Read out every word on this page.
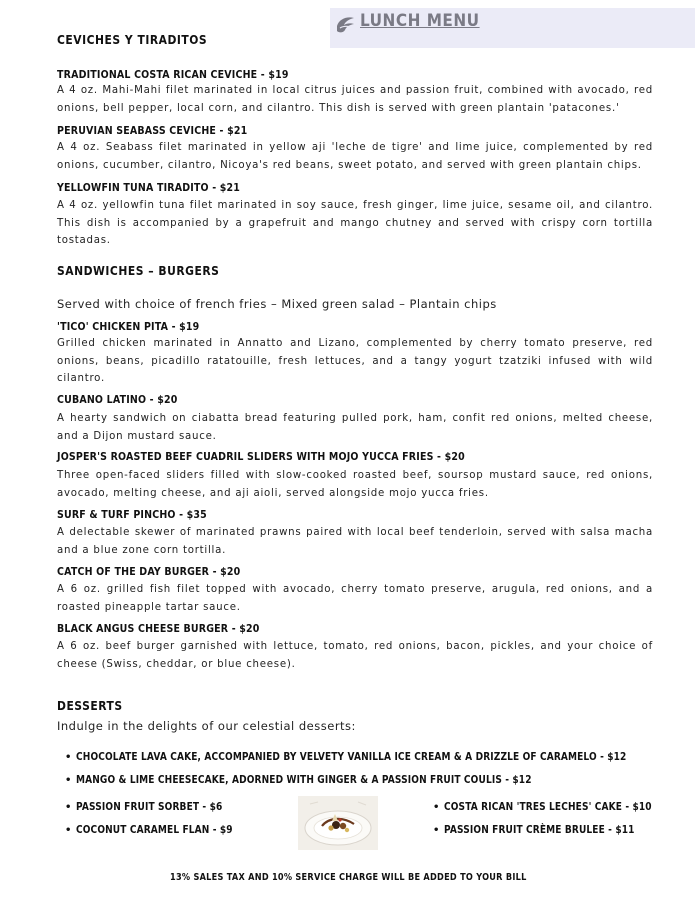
LUNCH MENU
CEVICHES Y TIRADITOS

TRADITIONAL COSTA RICAN CEVICHE - $19

A 4 oz. Mahi-Mahi filet marinated in local citrus juices and passion fruit, combined with avocado, red onions, bell pepper, local corn, and cilantro. This dish is served with green plantain 'patacones.'

PERUVIAN SEABASS CEVICHE - $21

A 4 oz. Seabass filet marinated in yellow aji 'leche de tigre' and lime juice, complemented by red onions, cucumber, cilantro, Nicoya's red beans, sweet potato, and served with green plantain chips.

YELLOWFIN TUNA TIRADITO - $21

A 4 oz. yellowfin tuna filet marinated in soy sauce, fresh ginger, lime juice, sesame oil, and cilantro. This dish is accompanied by a grapefruit and mango chutney and served with crispy corn tortilla tostadas.

SANDWICHES – BURGERS

Served with choice of french fries – Mixed green salad – Plantain chips

'TICO' CHICKEN PITA - $19

Grilled chicken marinated in Annatto and Lizano, complemented by cherry tomato preserve, red onions, beans, picadillo ratatouille, fresh lettuces, and a tangy yogurt tzatziki infused with wild cilantro.

CUBANO LATINO - $20

A hearty sandwich on ciabatta bread featuring pulled pork, ham, confit red onions, melted cheese, and a Dijon mustard sauce.

JOSPER'S ROASTED BEEF CUADRIL SLIDERS WITH MOJO YUCCA FRIES - $20

Three open-faced sliders filled with slow-cooked roasted beef, soursop mustard sauce, red onions, avocado, melting cheese, and aji aioli, served alongside mojo yucca fries.

SURF & TURF PINCHO - $35

A delectable skewer of marinated prawns paired with local beef tenderloin, served with salsa macha and a blue zone corn tortilla.

CATCH OF THE DAY BURGER - $20

A 6 oz. grilled fish filet topped with avocado, cherry tomato preserve, arugula, red onions, and a roasted pineapple tartar sauce.

BLACK ANGUS CHEESE BURGER - $20

A 6 oz. beef burger garnished with lettuce, tomato, red onions, bacon, pickles, and your choice of cheese (Swiss, cheddar, or blue cheese).

DESSERTS

Indulge in the delights of our celestial desserts:

• CHOCOLATE LAVA CAKE, ACCOMPANIED BY VELVETY VANILLA ICE CREAM & A DRIZZLE OF CARAMELO - $12
• MANGO & LIME CHEESECAKE, ADORNED WITH GINGER & A PASSION FRUIT COULIS - $12
• PASSION FRUIT SORBET - $6
• COCONUT CARAMEL FLAN - $9
• COSTA RICAN 'TRES LECHES' CAKE - $10
• PASSION FRUIT CRÈME BRULEE - $11

13% SALES TAX AND 10% SERVICE CHARGE WILL BE ADDED TO YOUR BILL
